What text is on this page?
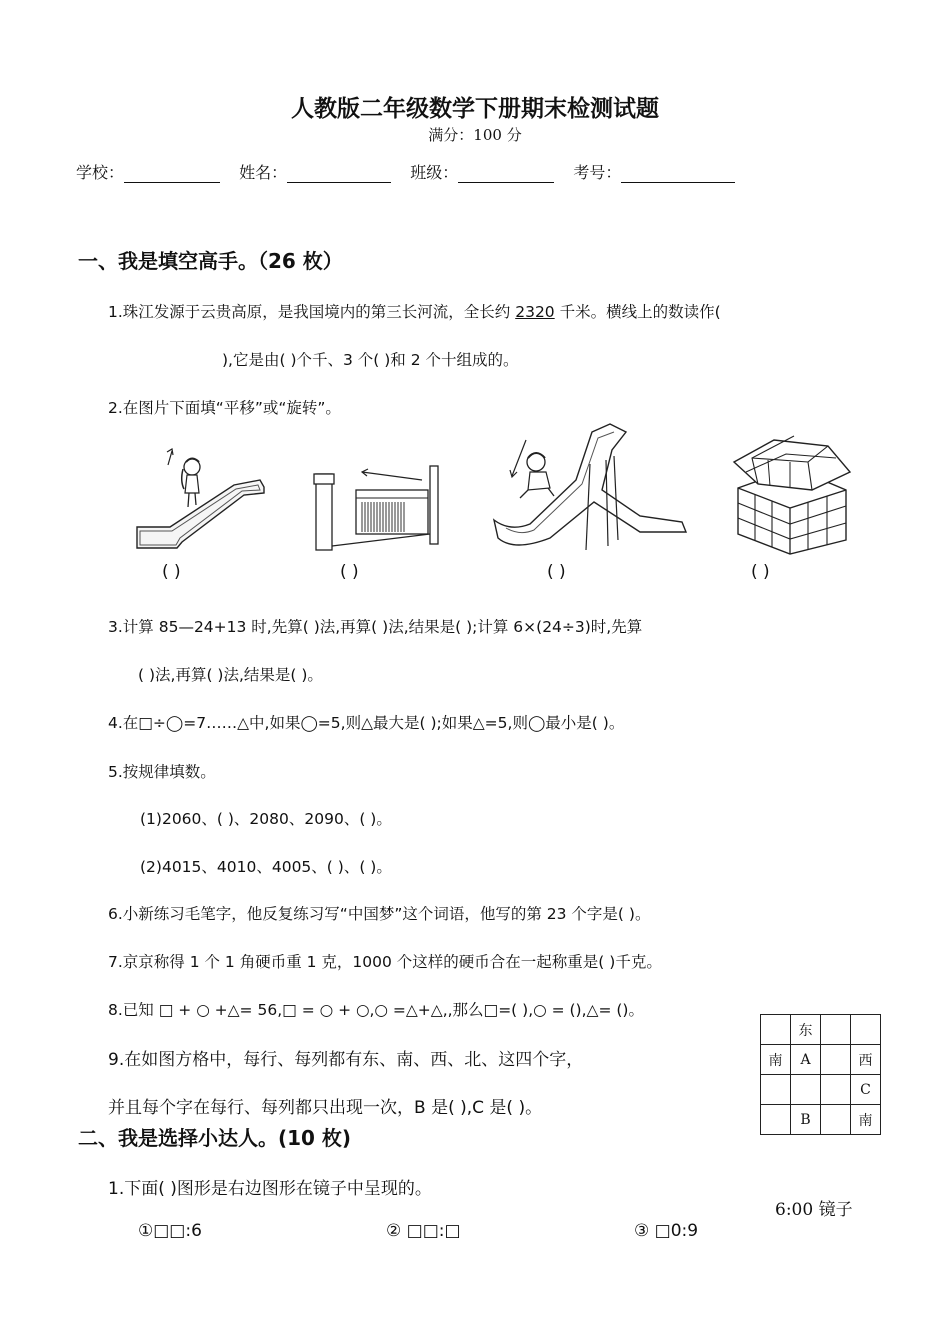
人教版二年级数学下册期末检测试题
满分：100 分
学校：	姓名：	班级：	考号：
一、我是填空高手。（26 枚）
1.珠江发源于云贵高原，是我国境内的第三长河流，全长约 2320 千米。横线上的数读作(
),它是由( )个千、3 个( )和 2 个十组成的。
2.在图片下面填“平移”或“旋转”。
( )	( )	( )	( )
3.计算 85—24+13 时,先算( )法,再算( )法,结果是( );计算 6×(24÷3)时,先算
( )法,再算( )法,结果是( )。
4.在□÷◯=7……△中,如果◯=5,则△最大是( );如果△=5,则◯最小是( )。
5.按规律填数。
(1)2060、( )、2080、2090、( )。
(2)4015、4010、4005、( )、( )。
6.小新练习毛笔字，他反复练习写“中国梦”这个词语，他写的第 23 个字是( )。
7.京京称得 1 个 1 角硬币重 1 克，1000 个这样的硬币合在一起称重是( )千克。
8.已知 □ + ○ +△= 56,□ = ○ + ○,○ =△+△,,那么□=( ),○ = (),△= ()。
9.在如图方格中，每行、每列都有东、南、西、北、这四个字，
并且每个字在每行、每列都只出现一次，B 是( ),C 是( )。
	东		
南	A		西
			C
	B		南
二、我是选择小达人。(10 枚)
1.下面( )图形是右边图形在镜子中呈现的。
6:00 镜子
①□□:6	② □□:□	③ □0:9
